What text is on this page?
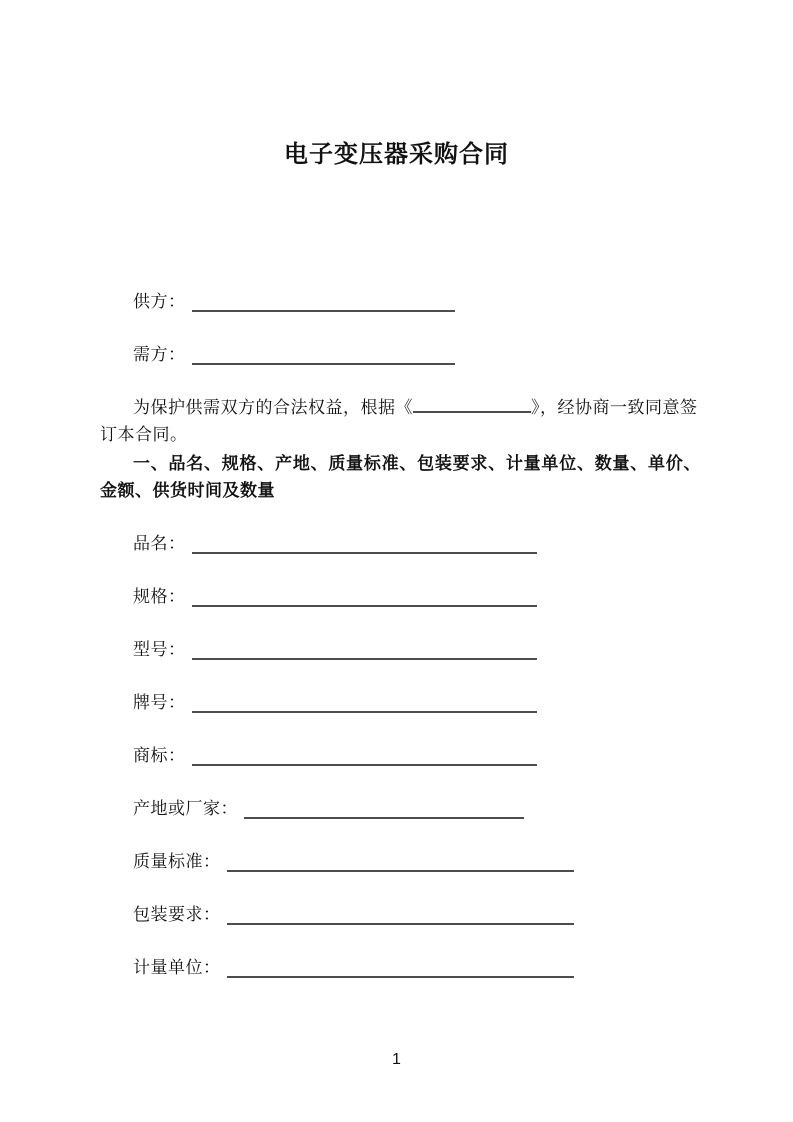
电子变压器采购合同
供方：
需方：

为保护供需双方的合法权益，根据《	》，经协商一致同意签订本合同。

一、品名、规格、产地、质量标准、包装要求、计量单位、数量、单价、金额、供货时间及数量

品名：
规格：
型号：
牌号：
商标：
产地或厂家：
质量标准：
包装要求：
计量单位：
1
